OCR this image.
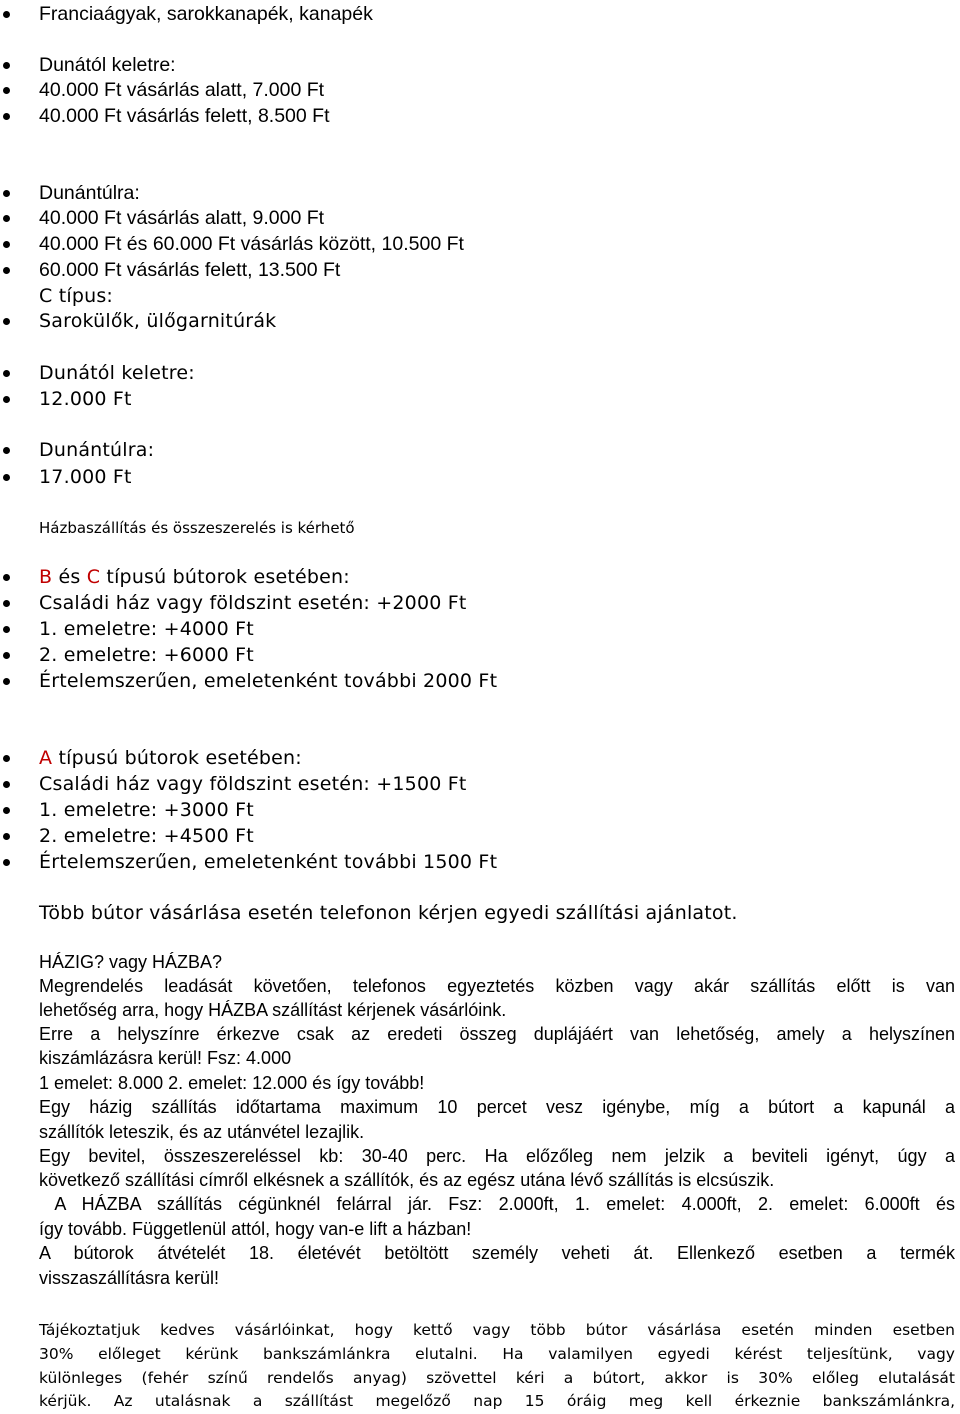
Franciaágyak, sarokkanapék, kanapék
Dunától keletre:
40.000 Ft vásárlás alatt, 7.000 Ft
40.000 Ft vásárlás felett, 8.500 Ft
Dunántúlra:
40.000 Ft vásárlás alatt, 9.000 Ft
40.000 Ft és 60.000 Ft vásárlás között, 10.500 Ft
60.000 Ft vásárlás felett, 13.500 Ft
C típus:
Sarokülők, ülőgarnitúrák
Dunától keletre:
12.000 Ft
Dunántúlra:
17.000 Ft
Házbaszállítás és összeszerelés is kérhető
B és C típusú bútorok esetében:
Családi ház vagy földszint esetén: +2000 Ft
1. emeletre: +4000 Ft
2. emeletre: +6000 Ft
Értelemszerűen, emeletenként további 2000 Ft
A típusú bútorok esetében:
Családi ház vagy földszint esetén: +1500 Ft
1. emeletre: +3000 Ft
2. emeletre: +4500 Ft
Értelemszerűen, emeletenként további 1500 Ft
Több bútor vásárlása esetén telefonon kérjen egyedi szállítási ajánlatot.
HÁZIG? vagy HÁZBA?
Megrendelés leadását követően, telefonos egyeztetés közben vagy akár szállítás előtt is van
lehetőség arra, hogy HÁZBA szállítást kérjenek vásárlóink.
Erre a helyszínre érkezve csak az eredeti összeg duplájáért van lehetőség, amely a helyszínen
kiszámlázásra kerül! Fsz: 4.000
1 emelet: 8.000 2. emelet: 12.000 és így tovább!
Egy házig szállítás időtartama maximum 10 percet vesz igénybe, míg a bútort a kapunál a
szállítók leteszik, és az utánvétel lezajlik.
Egy bevitel, összeszereléssel kb: 30-40 perc. Ha előzőleg nem jelzik a beviteli igényt, úgy a
következő szállítási címről elkésnek a szállítók, és az egész utána lévő szállítás is elcsúszik.
A HÁZBA szállítás cégünknél felárral jár. Fsz: 2.000ft, 1. emelet: 4.000ft, 2. emelet: 6.000ft és
így tovább. Függetlenül attól, hogy van-e lift a házban!
A bútorok átvételét 18. életévét betöltött személy veheti át. Ellenkező esetben a termék
visszaszállításra kerül!
Tájékoztatjuk kedves vásárlóinkat, hogy kettő vagy több bútor vásárlása esetén minden esetben
30% előleget kérünk bankszámlánkra elutalni. Ha valamilyen egyedi kérést teljesítünk, vagy
különleges (fehér színű rendelős anyag) szövettel kéri a bútort, akkor is 30% előleg elutalását
kérjük. Az utalásnak a szállítást megelőző nap 15 óráig meg kell érkeznie bankszámlánkra,
